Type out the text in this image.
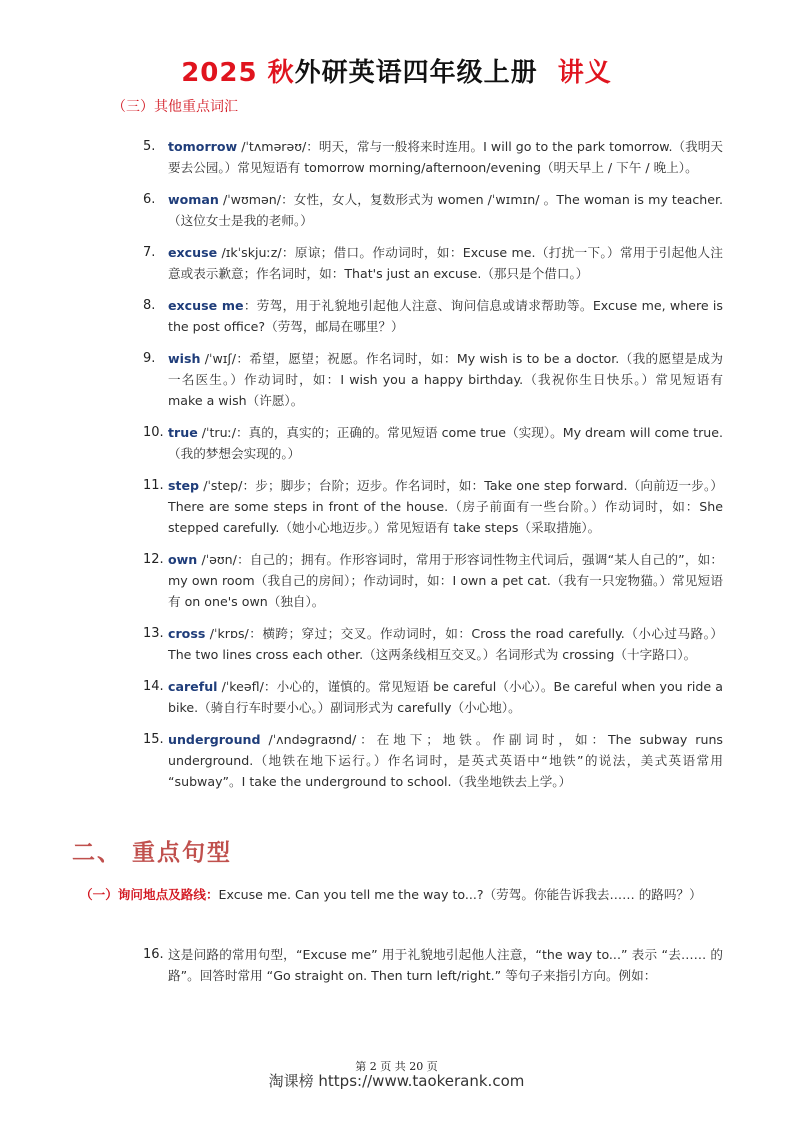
2025 秋外研英语四年级上册 讲义
（三）其他重点词汇
5. tomorrow /ˈtʌmərəʊ/：明天，常与一般将来时连用。I will go to the park tomorrow.（我明天要去公园。）常见短语有 tomorrow morning/afternoon/evening（明天早上 / 下午 / 晚上）。
6. woman /ˈwʊmən/：女性，女人，复数形式为 women /ˈwɪmɪn/ 。The woman is my teacher.（这位女士是我的老师。）
7. excuse /ɪkˈskjuːz/：原谅；借口。作动词时，如：Excuse me.（打扰一下。）常用于引起他人注意或表示歉意；作名词时，如：That's just an excuse.（那只是个借口。）
8. excuse me：劳驾，用于礼貌地引起他人注意、询问信息或请求帮助等。Excuse me, where is the post office?（劳驾，邮局在哪里？）
9. wish /ˈwɪʃ/：希望，愿望；祝愿。作名词时，如：My wish is to be a doctor.（我的愿望是成为一名医生。）作动词时，如：I wish you a happy birthday.（我祝你生日快乐。）常见短语有 make a wish（许愿）。
10. true /ˈtruː/：真的，真实的；正确的。常见短语 come true（实现）。My dream will come true.（我的梦想会实现的。）
11. step /ˈstep/：步；脚步；台阶；迈步。作名词时，如：Take one step forward.（向前迈一步。）There are some steps in front of the house.（房子前面有一些台阶。）作动词时，如：She stepped carefully.（她小心地迈步。）常见短语有 take steps（采取措施）。
12. own /ˈəʊn/：自己的；拥有。作形容词时，常用于形容词性物主代词后，强调“某人自己的”，如：my own room（我自己的房间）；作动词时，如：I own a pet cat.（我有一只宠物猫。）常见短语有 on one's own（独自）。
13. cross /ˈkrɒs/：横跨；穿过；交叉。作动词时，如：Cross the road carefully.（小心过马路。）The two lines cross each other.（这两条线相互交叉。）名词形式为 crossing（十字路口）。
14. careful /ˈkeəfl/：小心的，谨慎的。常见短语 be careful（小心）。Be careful when you ride a bike.（骑自行车时要小心。）副词形式为 carefully（小心地）。
15. underground /ˈʌndəgraʊnd/：在地下；地铁。作副词时，如：The subway runs underground.（地铁在地下运行。）作名词时，是英式英语中“地铁”的说法，美式英语常用 “subway”。I take the underground to school.（我坐地铁去上学。）
二、 重点句型
（一）询问地点及路线：Excuse me. Can you tell me the way to...?（劳驾。你能告诉我去…… 的路吗？）
16. 这是问路的常用句型，“Excuse me” 用于礼貌地引起他人注意，“the way to...” 表示 “去…… 的路”。回答时常用 “Go straight on. Then turn left/right.” 等句子来指引方向。例如：
第 2 页 共 20 页
淘课榜 https://www.taokerank.com
